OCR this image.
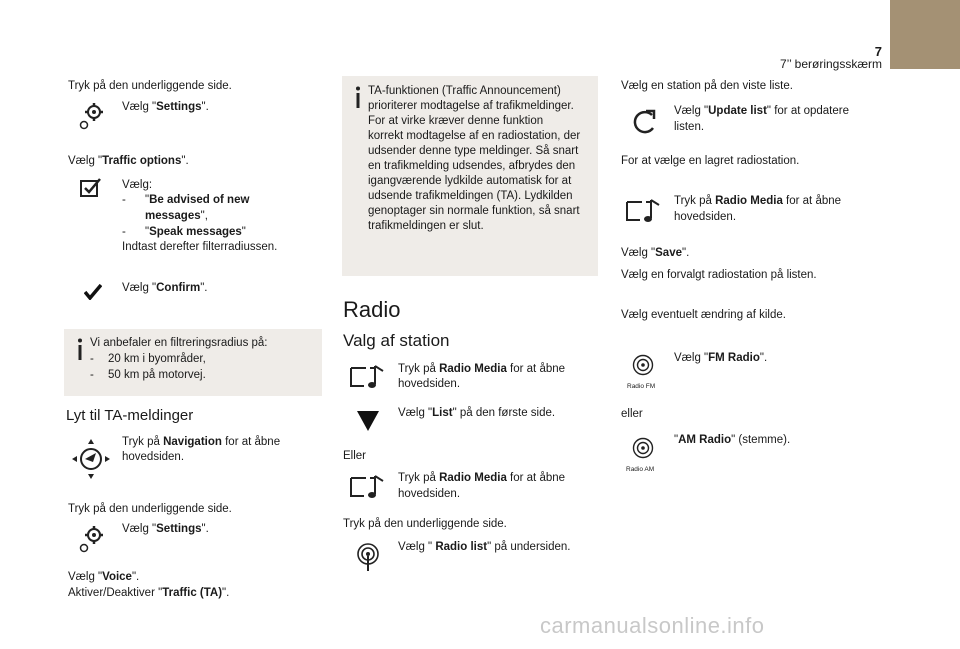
7
7’’ berøringsskærm
Tryk på den underliggende side.
Vælg "Settings".
Vælg "Traffic options".
Vælg:
- "Be advised of new
messages",
- "Speak messages"
Indtast derefter filterradiussen.
Vælg "Confirm".
Vi anbefaler en filtreringsradius på:
- 20 km i byområder,
- 50 km på motorvej.
Lyt til TA-meldinger
Tryk på Navigation for at åbne
hovedsiden.
Tryk på den underliggende side.
Vælg "Settings".
Vælg "Voice".
Aktiver/Deaktiver "Traffic (TA)".
TA-funktionen (Traffic Announcement)
prioriterer modtagelse af trafikmeldinger.
For at virke kræver denne funktion
korrekt modtagelse af en radiostation, der
udsender denne type meldinger. Så snart
en trafikmelding udsendes, afbrydes den
igangværende lydkilde automatisk for at
udsende trafikmeldingen (TA). Lydkilden
genoptager sin normale funktion, så snart
trafikmeldingen er slut.
Radio
Valg af station
Tryk på Radio Media for at åbne
hovedsiden.
Vælg "List" på den første side.
Eller
Tryk på Radio Media for at åbne
hovedsiden.
Tryk på den underliggende side.
Vælg " Radio list" på undersiden.
Vælg en station på den viste liste.
Vælg "Update list" for at opdatere
listen.
For at vælge en lagret radiostation.
Tryk på Radio Media for at åbne
hovedsiden.
Vælg "Save".
Vælg en forvalgt radiostation på listen.
Vælg eventuelt ændring af kilde.
Radio FM
Vælg "FM Radio".
eller
Radio AM
"AM Radio" (stemme).
carmanualsonline.info
